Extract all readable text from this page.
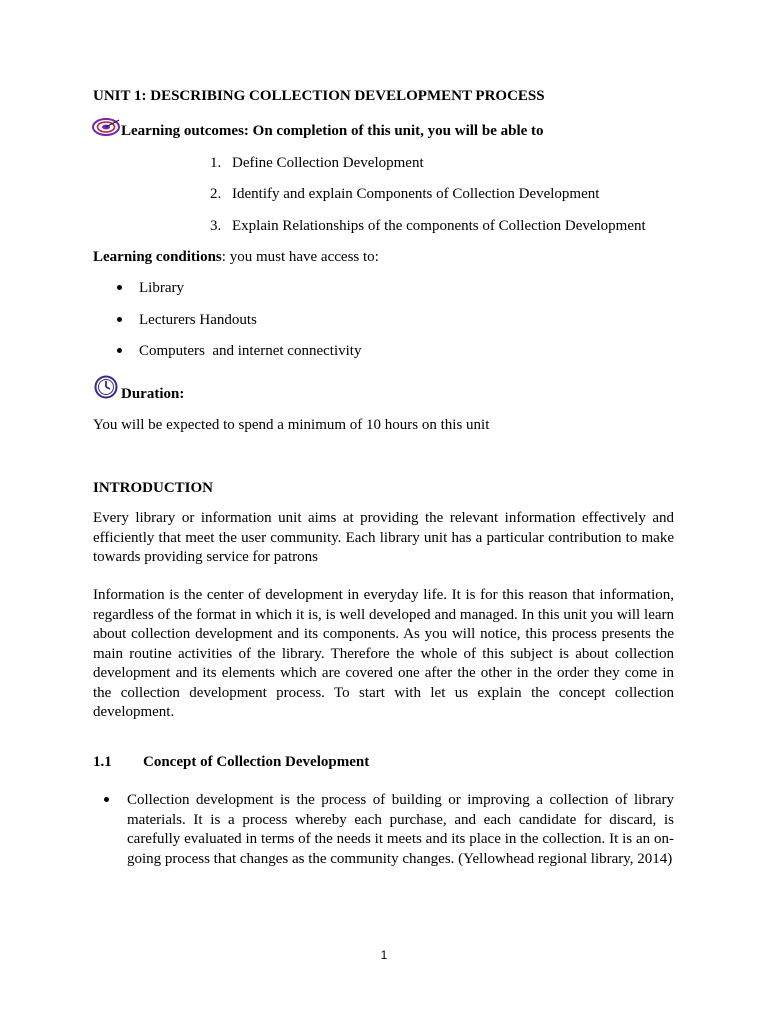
UNIT 1: DESCRIBING COLLECTION DEVELOPMENT PROCESS
Learning outcomes: On completion of this unit, you will be able to
1. Define Collection Development
2. Identify and explain Components of Collection Development
3. Explain Relationships of the components of Collection Development
Learning conditions: you must have access to:
Library
Lecturers Handouts
Computers  and internet connectivity
Duration:
You will be expected to spend a minimum of 10 hours on this unit
INTRODUCTION
Every library or information unit aims at providing the relevant information effectively and efficiently that meet the user community. Each library unit has a particular contribution to make towards providing service for patrons
Information is the center of development in everyday life. It is for this reason that information, regardless of the format in which it is, is well developed and managed. In this unit you will learn about collection development and its components. As you will notice, this process presents the main routine activities of the library. Therefore the whole of this subject is about collection development and its elements which are covered one after the other in the order they come in the collection development process. To start with let us explain the concept collection development.
1.1 Concept of Collection Development
Collection development is the process of building or improving a collection of library materials. It is a process whereby each purchase, and each candidate for discard, is carefully evaluated in terms of the needs it meets and its place in the collection. It is an on-going process that changes as the community changes. (Yellowhead regional library, 2014)
1
